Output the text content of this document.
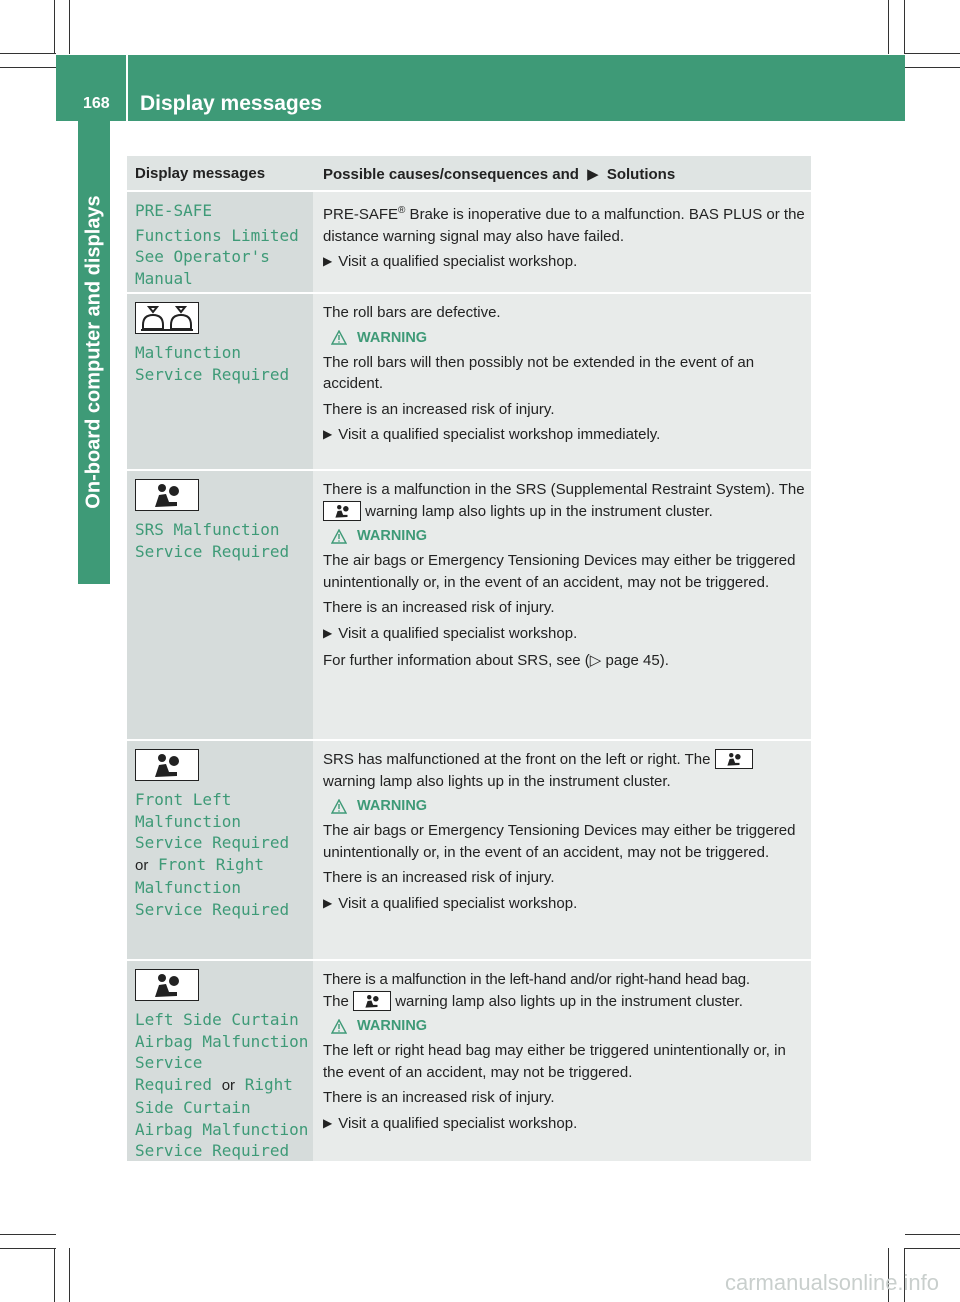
168 Display messages
On-board computer and displays
Display messages	Possible causes/consequences and ▶ Solutions
PRE-SAFE
Functions Limited
See Operator's
Manual

PRE-SAFE® Brake is inoperative due to a malfunction. BAS PLUS or the distance warning signal may also have failed.

▶ Visit a qualified specialist workshop.
Malfunction
Service Required

The roll bars are defective.

WARNING

The roll bars will then possibly not be extended in the event of an accident.

There is an increased risk of injury.

▶ Visit a qualified specialist workshop immediately.
SRS Malfunction
Service Required

There is a malfunction in the SRS (Supplemental Restraint System). The
warning lamp also lights up in the instrument cluster.

WARNING

The air bags or Emergency Tensioning Devices may either be triggered unintentionally or, in the event of an accident, may not be triggered.

There is an increased risk of injury.

▶ Visit a qualified specialist workshop.

For further information about SRS, see (▷ page 45).

Front Left
Malfunction
Service Required
or Front Right
Malfunction
Service Required

SRS has malfunctioned at the front on the left or right. The
warning lamp also lights up in the instrument cluster.

WARNING

The air bags or Emergency Tensioning Devices may either be triggered unintentionally or, in the event of an accident, may not be triggered.

There is an increased risk of injury.

▶ Visit a qualified specialist workshop.
Left Side Curtain
Airbag Malfunction
Service
Required or Right
Side Curtain
Airbag Malfunction
Service Required

There is a malfunction in the left-hand and/or right-hand head bag.

The	warning lamp also lights up in the instrument cluster.

WARNING

The left or right head bag may either be triggered unintentionally or, in the event of an accident, may not be triggered.

There is an increased risk of injury.

▶ Visit a qualified specialist workshop.
carmanualsonline.info
